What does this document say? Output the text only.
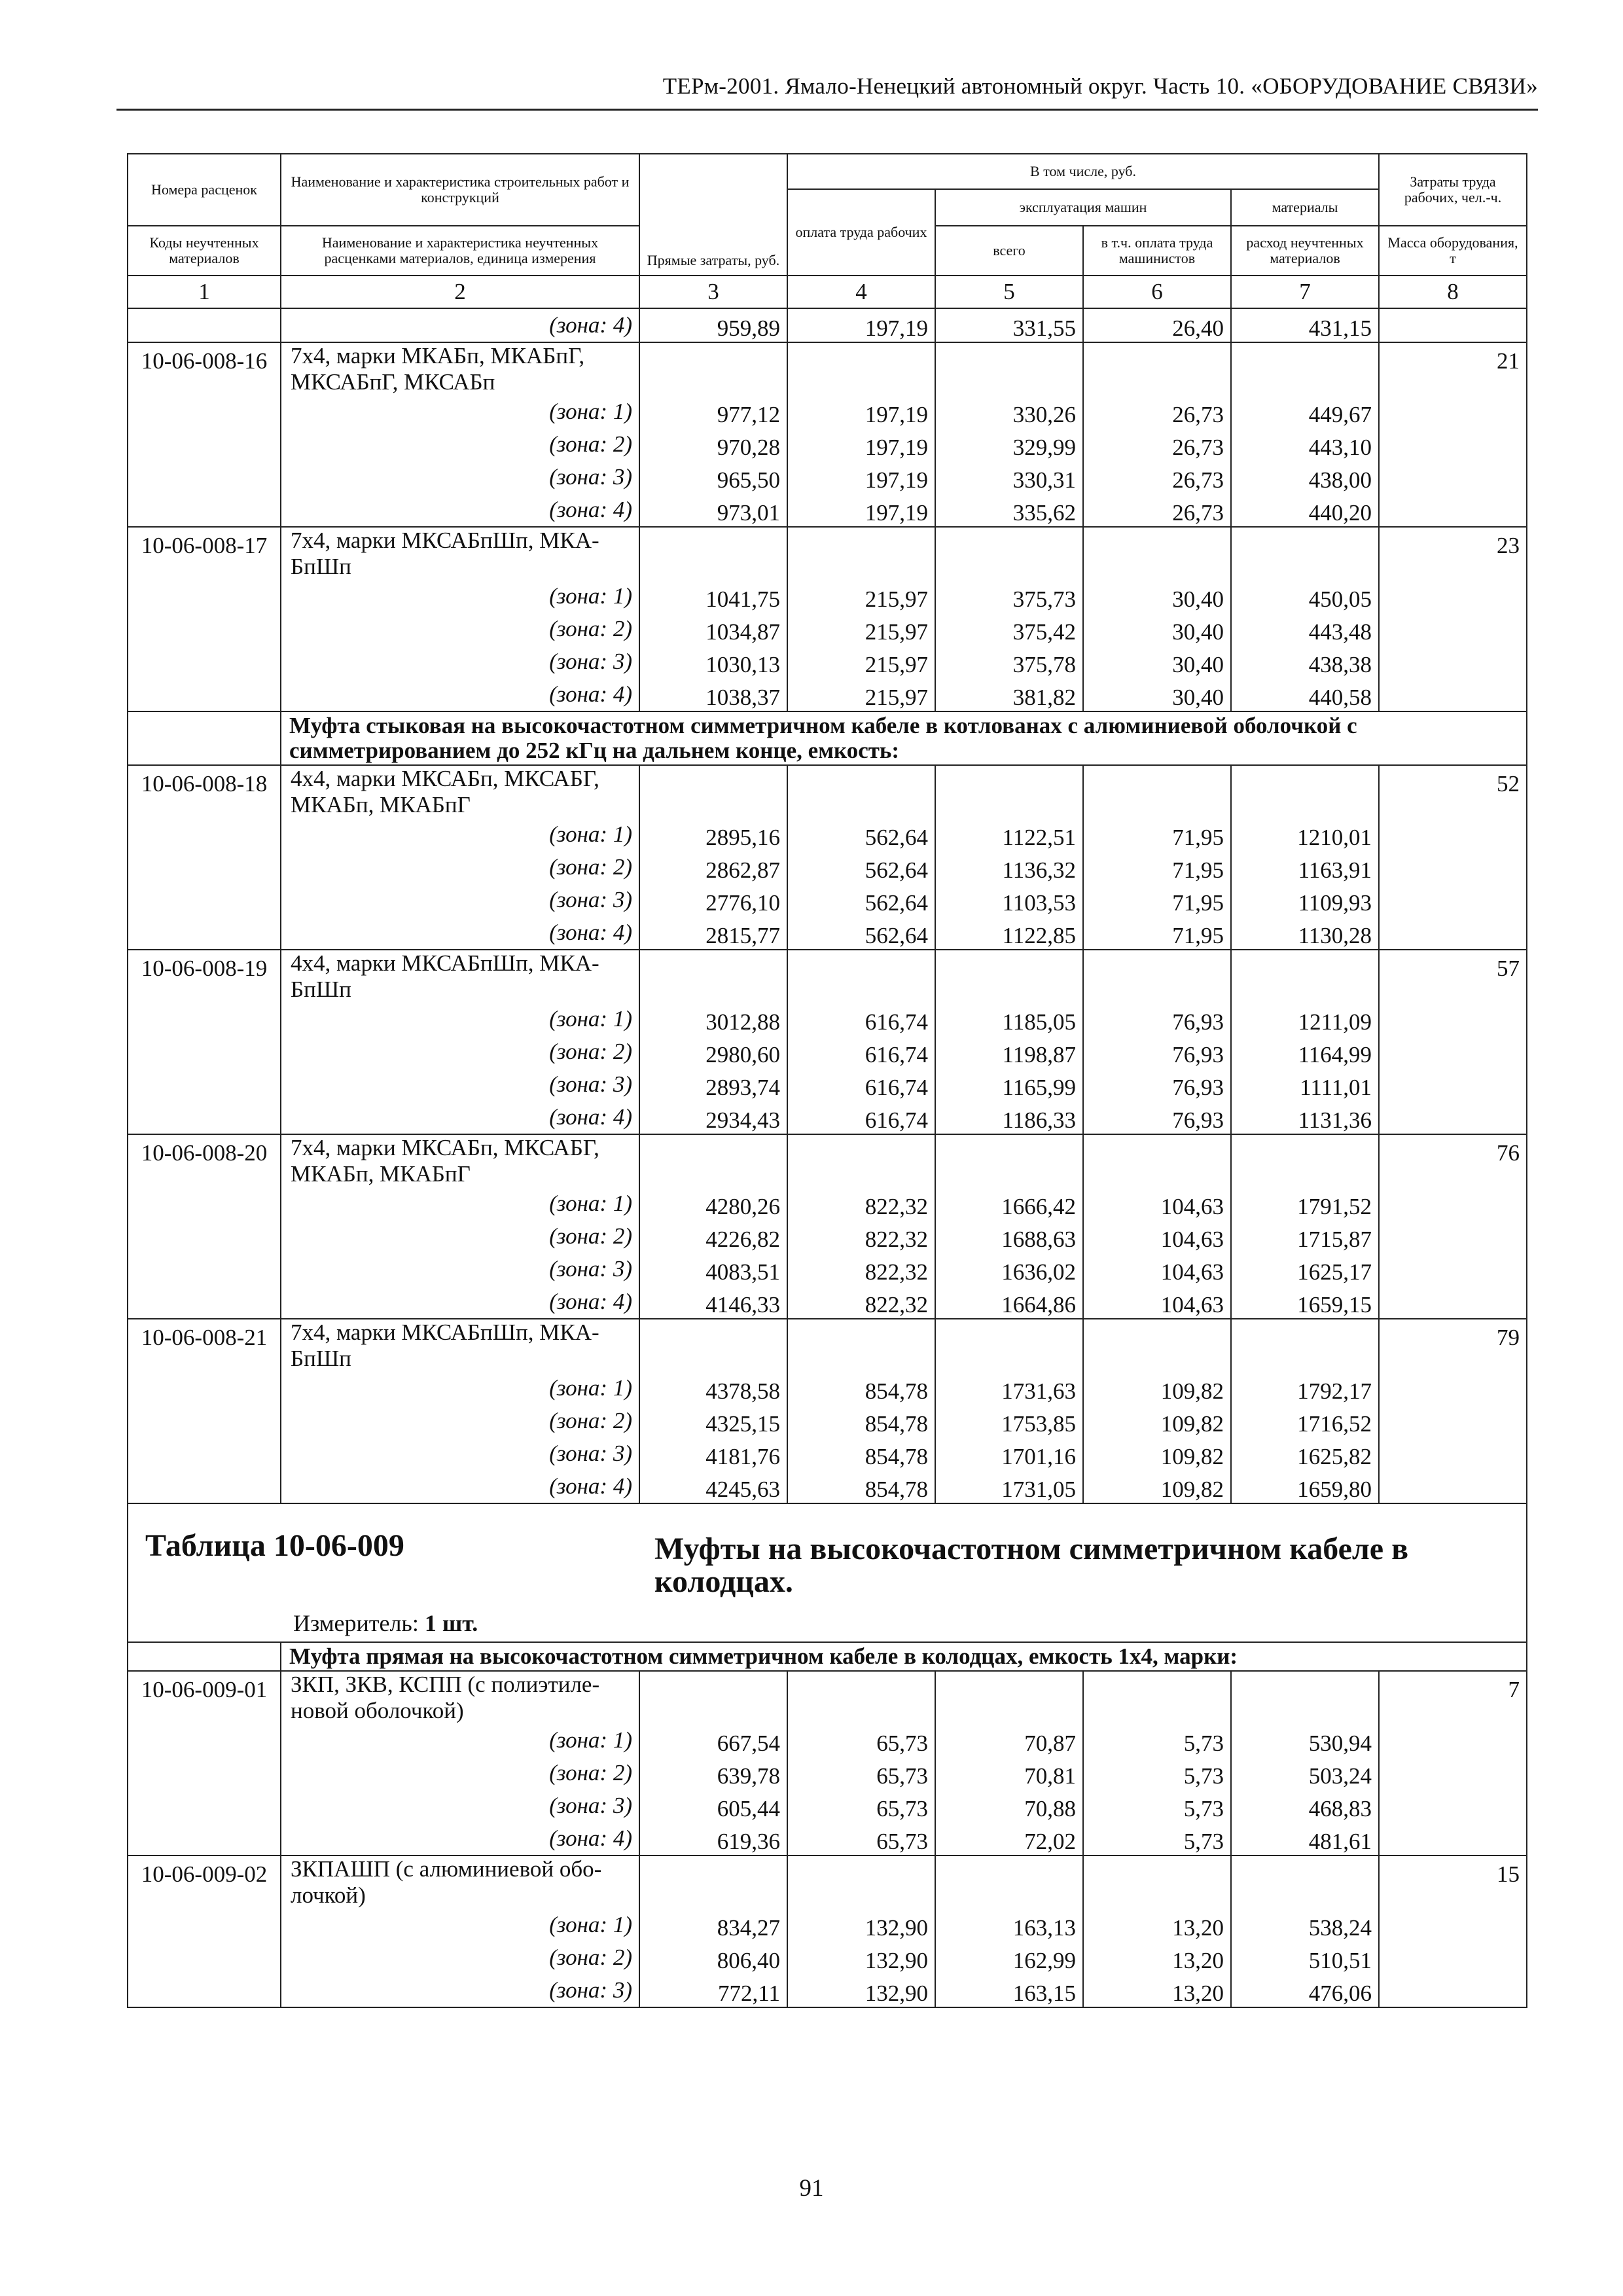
ТЕРм-2001. Ямало-Ненецкий автономный округ. Часть 10. «ОБОРУДОВАНИЕ СВЯЗИ»
Номера расценок	Наименование и характеристика строительных работ и конструкций	Прямые затраты, руб.	В том числе, руб.				Затраты труда рабочих, чел.-ч.
			оплата труда рабочих	эксплуатация машин		материалы	
Коды неучтенных материалов	Наименование и характеристика неучтенных расценками материалов, единица измерения			всего	в т.ч. оплата труда машинистов	расход неучтенных материалов	Масса оборудования, т
1	2	3	4	5	6	7	8
	(зона: 4)	959,89	197,19	331,55	26,40	431,15	
10-06-008-16	7х4, марки МКАБп, МКАБпГ, МКСАБпГ, МКСАБп						21
	(зона: 1)	977,12	197,19	330,26	26,73	449,67	
	(зона: 2)	970,28	197,19	329,99	26,73	443,10	
	(зона: 3)	965,50	197,19	330,31	26,73	438,00	
	(зона: 4)	973,01	197,19	335,62	26,73	440,20	
10-06-008-17	7х4, марки МКСАБпШп, МКА-БпШп						23
	(зона: 1)	1041,75	215,97	375,73	30,40	450,05	
	(зона: 2)	1034,87	215,97	375,42	30,40	443,48	
	(зона: 3)	1030,13	215,97	375,78	30,40	438,38	
	(зона: 4)	1038,37	215,97	381,82	30,40	440,58	
	Муфта стыковая на высокочастотном симметричном кабеле в котлованах с алюминиевой оболочкой с симметрированием до 252 кГц на дальнем конце, емкость:						
10-06-008-18	4х4, марки МКСАБп, МКСАБГ, МКАБп, МКАБпГ						52
	(зона: 1)	2895,16	562,64	1122,51	71,95	1210,01	
	(зона: 2)	2862,87	562,64	1136,32	71,95	1163,91	
	(зона: 3)	2776,10	562,64	1103,53	71,95	1109,93	
	(зона: 4)	2815,77	562,64	1122,85	71,95	1130,28	
10-06-008-19	4х4, марки МКСАБпШп, МКА-БпШп						57
	(зона: 1)	3012,88	616,74	1185,05	76,93	1211,09	
	(зона: 2)	2980,60	616,74	1198,87	76,93	1164,99	
	(зона: 3)	2893,74	616,74	1165,99	76,93	1111,01	
	(зона: 4)	2934,43	616,74	1186,33	76,93	1131,36	
10-06-008-20	7х4, марки МКСАБп, МКСАБГ, МКАБп, МКАБпГ						76
	(зона: 1)	4280,26	822,32	1666,42	104,63	1791,52	
	(зона: 2)	4226,82	822,32	1688,63	104,63	1715,87	
	(зона: 3)	4083,51	822,32	1636,02	104,63	1625,17	
	(зона: 4)	4146,33	822,32	1664,86	104,63	1659,15	
10-06-008-21	7х4, марки МКСАБпШп, МКА-БпШп						79
	(зона: 1)	4378,58	854,78	1731,63	109,82	1792,17	
	(зона: 2)	4325,15	854,78	1753,85	109,82	1716,52	
	(зона: 3)	4181,76	854,78	1701,16	109,82	1625,82	
	(зона: 4)	4245,63	854,78	1731,05	109,82	1659,80	

Таблица 10-06-009 Муфты на высокочастотном симметричном кабеле в колодцах.
Измеритель: 1 шт.							

	Муфта прямая на высокочастотном симметричном кабеле в колодцах, емкость 1х4, марки:						
10-06-009-01	ЗКП, ЗКВ, КСПП (с полиэтиле-новой оболочкой)						7
	(зона: 1)	667,54	65,73	70,87	5,73	530,94	
	(зона: 2)	639,78	65,73	70,81	5,73	503,24	
	(зона: 3)	605,44	65,73	70,88	5,73	468,83	
	(зона: 4)	619,36	65,73	72,02	5,73	481,61	
10-06-009-02	ЗКПАШП (с алюминиевой обо-лочкой)						15
	(зона: 1)	834,27	132,90	163,13	13,20	538,24	
	(зона: 2)	806,40	132,90	162,99	13,20	510,51	
	(зона: 3)	772,11	132,90	163,15	13,20	476,06	
91
